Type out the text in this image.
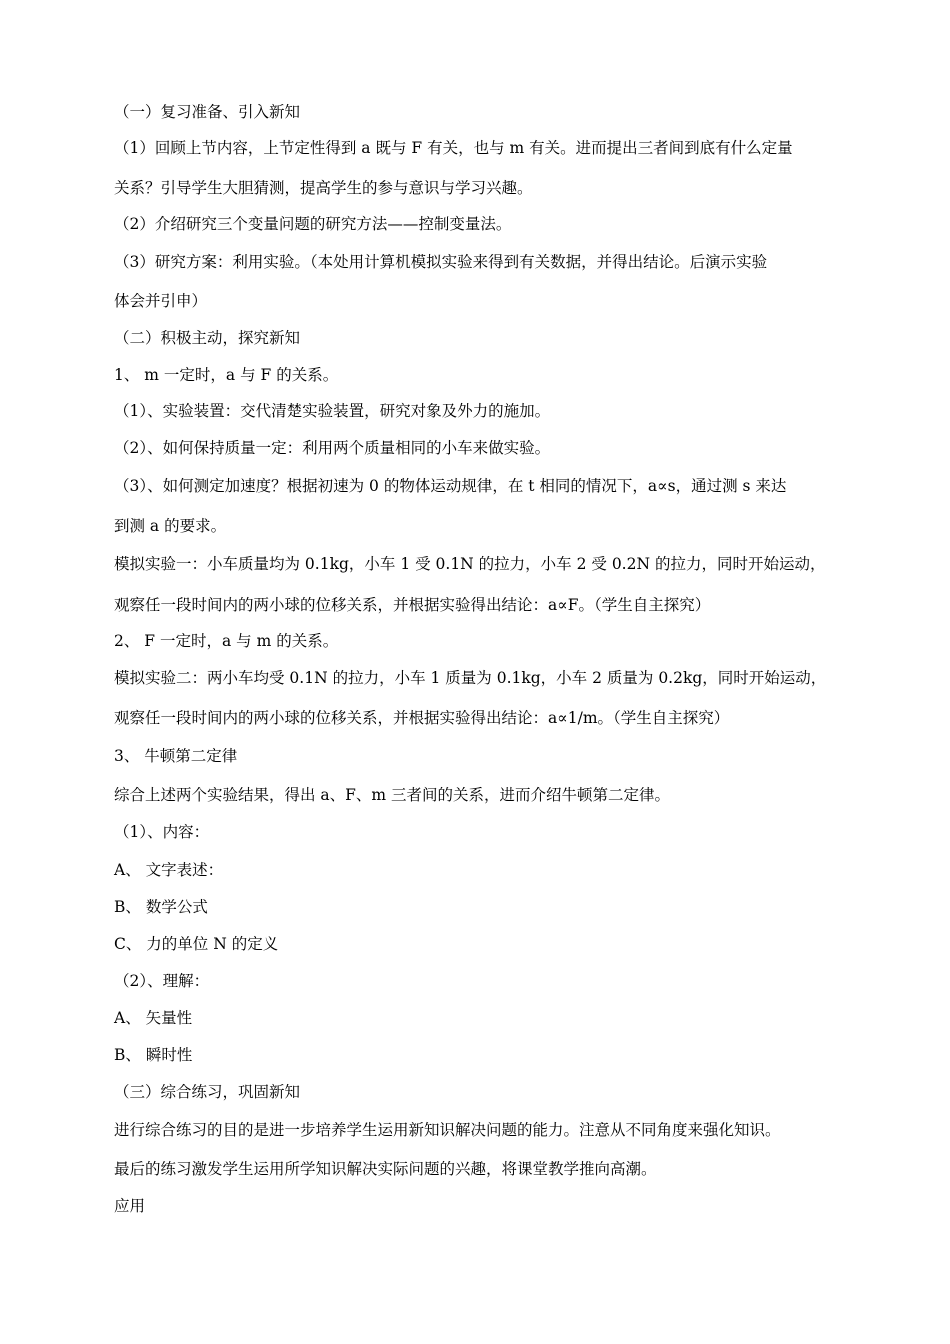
（一）复习准备、引入新知
（1）回顾上节内容，上节定性得到 a 既与 F 有关，也与 m 有关。进而提出三者间到底有什么定量
关系？引导学生大胆猜测，提高学生的参与意识与学习兴趣。
（2）介绍研究三个变量问题的研究方法——控制变量法。
（3）研究方案：利用实验。（本处用计算机模拟实验来得到有关数据，并得出结论。后演示实验
体会并引申）
（二）积极主动，探究新知
1、 m 一定时，a 与 F 的关系。
（1）、实验装置：交代清楚实验装置，研究对象及外力的施加。
（2）、如何保持质量一定：利用两个质量相同的小车来做实验。
（3）、如何测定加速度？根据初速为 0 的物体运动规律，在 t 相同的情况下，a∝s，通过测 s 来达
到测 a 的要求。
模拟实验一：小车质量均为 0.1kg，小车 1 受 0.1N 的拉力，小车 2 受 0.2N 的拉力，同时开始运动，
观察任一段时间内的两小球的位移关系，并根据实验得出结论：a∝F。（学生自主探究）
2、 F 一定时，a 与 m 的关系。
模拟实验二：两小车均受 0.1N 的拉力，小车 1 质量为 0.1kg，小车 2 质量为 0.2kg，同时开始运动，
观察任一段时间内的两小球的位移关系，并根据实验得出结论：a∝1/m。（学生自主探究）
3、 牛顿第二定律
综合上述两个实验结果，得出 a、F、m 三者间的关系，进而介绍牛顿第二定律。
（1）、内容：
A、 文字表述：
B、 数学公式
C、 力的单位 N 的定义
（2）、理解：
A、 矢量性
B、 瞬时性
（三）综合练习，巩固新知
进行综合练习的目的是进一步培养学生运用新知识解决问题的能力。注意从不同角度来强化知识。
最后的练习激发学生运用所学知识解决实际问题的兴趣，将课堂教学推向高潮。
应用
